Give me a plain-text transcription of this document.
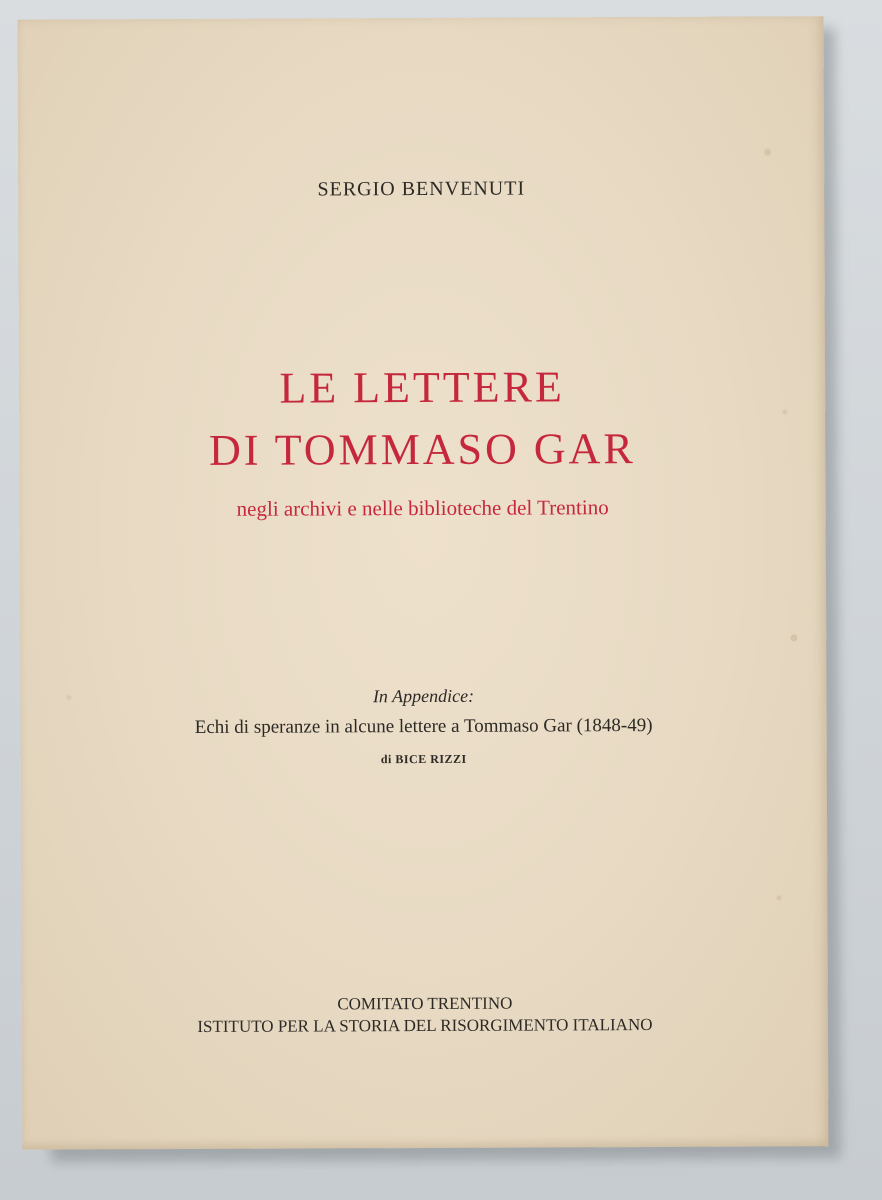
SERGIO BENVENUTI
LE LETTERE
DI TOMMASO GAR
negli archivi e nelle biblioteche del Trentino
In Appendice:
Echi di speranze in alcune lettere a Tommaso Gar (1848-49)
di BICE RIZZI
COMITATO TRENTINO
ISTITUTO PER LA STORIA DEL RISORGIMENTO ITALIANO
